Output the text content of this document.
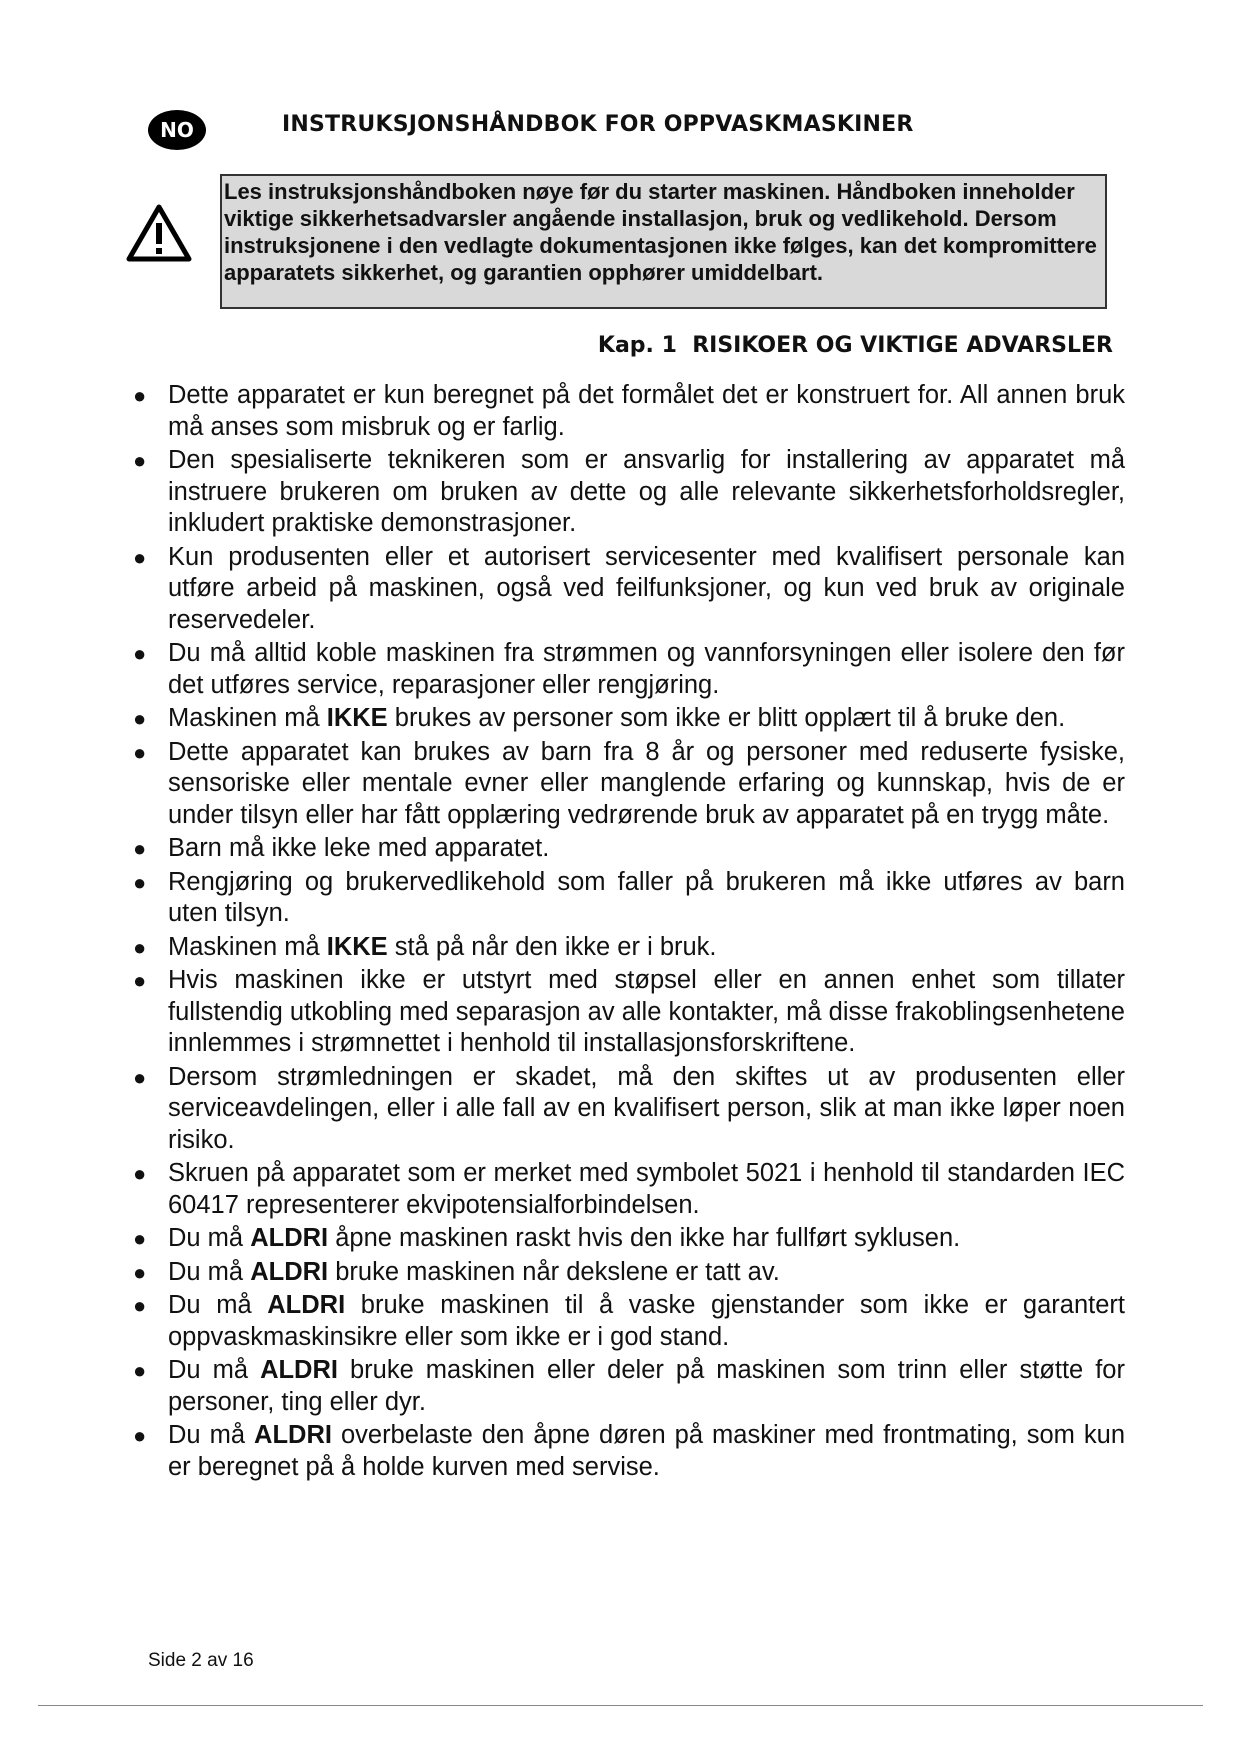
NO	INSTRUKSJONSHÅNDBOK FOR OPPVASKMASKINER

Les instruksjonshåndboken nøye før du starter maskinen. Håndboken inneholder viktige sikkerhetsadvarsler angående installasjon, bruk og vedlikehold. Dersom instruksjonene i den vedlagte dokumentasjonen ikke følges, kan det kompromittere apparatets sikkerhet, og garantien opphører umiddelbart.

Kap. 1 RISIKOER OG VIKTIGE ADVARSLER
● Dette apparatet er kun beregnet på det formålet det er konstruert for. All annen bruk må anses som misbruk og er farlig.
● Den spesialiserte teknikeren som er ansvarlig for installering av apparatet må instruere brukeren om bruken av dette og alle relevante sikkerhetsforholdsregler, inkludert praktiske demonstrasjoner.
● Kun produsenten eller et autorisert servicesenter med kvalifisert personale kan utføre arbeid på maskinen, også ved feilfunksjoner, og kun ved bruk av originale reservedeler.
● Du må alltid koble maskinen fra strømmen og vannforsyningen eller isolere den før det utføres service, reparasjoner eller rengjøring.
● Maskinen må IKKE brukes av personer som ikke er blitt opplært til å bruke den.
● Dette apparatet kan brukes av barn fra 8 år og personer med reduserte fysiske, sensoriske eller mentale evner eller manglende erfaring og kunnskap, hvis de er under tilsyn eller har fått opplæring vedrørende bruk av apparatet på en trygg måte.
● Barn må ikke leke med apparatet.
● Rengjøring og brukervedlikehold som faller på brukeren må ikke utføres av barn uten tilsyn.
● Maskinen må IKKE stå på når den ikke er i bruk.
● Hvis maskinen ikke er utstyrt med støpsel eller en annen enhet som tillater fullstendig utkobling med separasjon av alle kontakter, må disse frakoblingsenhetene innlemmes i strømnettet i henhold til installasjonsforskriftene.
● Dersom strømledningen er skadet, må den skiftes ut av produsenten eller serviceavdelingen, eller i alle fall av en kvalifisert person, slik at man ikke løper noen risiko.
● Skruen på apparatet som er merket med symbolet 5021 i henhold til standarden IEC 60417 representerer ekvipotensialforbindelsen.
● Du må ALDRI åpne maskinen raskt hvis den ikke har fullført syklusen.
● Du må ALDRI bruke maskinen når dekslene er tatt av.
● Du må ALDRI bruke maskinen til å vaske gjenstander som ikke er garantert oppvaskmaskinsikre eller som ikke er i god stand.
● Du må ALDRI bruke maskinen eller deler på maskinen som trinn eller støtte for personer, ting eller dyr.
● Du må ALDRI overbelaste den åpne døren på maskiner med frontmating, som kun er beregnet på å holde kurven med servise.
Side 2 av 16
